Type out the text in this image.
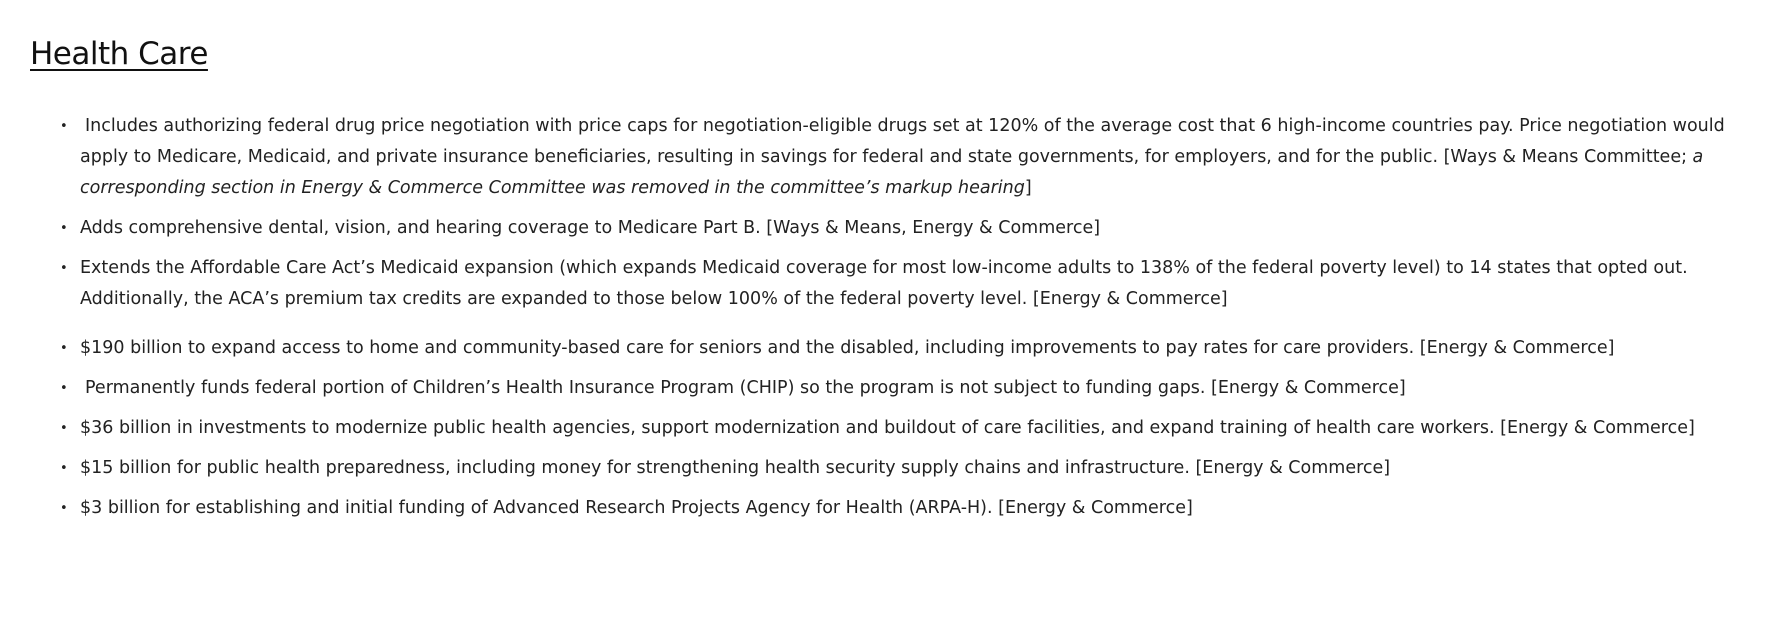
Health Care
• Includes authorizing federal drug price negotiation with price caps for negotiation-eligible drugs set at 120% of the average cost that 6 high-income countries pay. Price negotiation would apply to Medicare, Medicaid, and private insurance beneficiaries, resulting in savings for federal and state governments, for employers, and for the public. [Ways & Means Committee; a corresponding section in Energy & Commerce Committee was removed in the committee’s markup hearing]
• Adds comprehensive dental, vision, and hearing coverage to Medicare Part B. [Ways & Means, Energy & Commerce]
• Extends the Affordable Care Act’s Medicaid expansion (which expands Medicaid coverage for most low-income adults to 138% of the federal poverty level) to 14 states that opted out. Additionally, the ACA’s premium tax credits are expanded to those below 100% of the federal poverty level. [Energy & Commerce]
• $190 billion to expand access to home and community-based care for seniors and the disabled, including improvements to pay rates for care providers. [Energy & Commerce]
• Permanently funds federal portion of Children’s Health Insurance Program (CHIP) so the program is not subject to funding gaps. [Energy & Commerce]
• $36 billion in investments to modernize public health agencies, support modernization and buildout of care facilities, and expand training of health care workers. [Energy & Commerce]
• $15 billion for public health preparedness, including money for strengthening health security supply chains and infrastructure. [Energy & Commerce]
• $3 billion for establishing and initial funding of Advanced Research Projects Agency for Health (ARPA-H). [Energy & Commerce]
